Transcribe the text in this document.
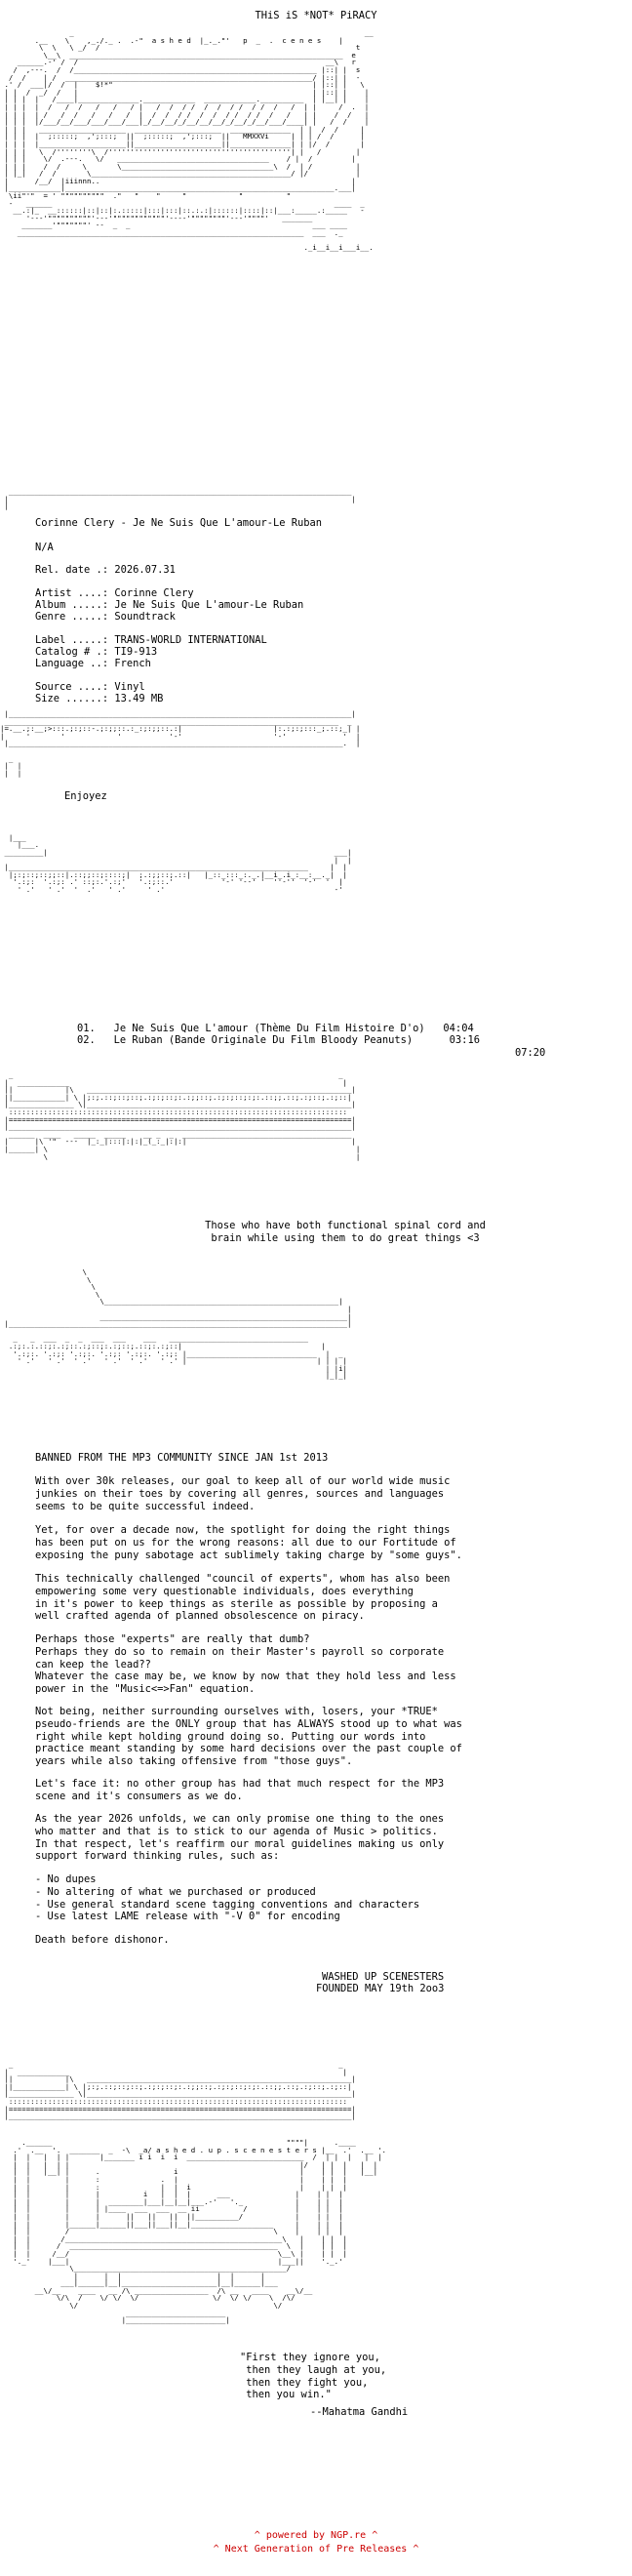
THiS iS *NOT* PiRACY
_                                                                   __
.__    \    ,_./._ .  .-"  a s h e d  |_._."'   p  _  .  c e n e s    |
\  \   \ _/  /                                                           t
\__\  _______________________________________________________________  e
______.-' /  /                                                         __\   r
/  ,---.  /  /________________________________________________________ |::| |  s
/  /    | /  _________________________________________________________/ |::| |  -
.' /  ___|/  /  |    $!*"                                              | |::| |   \
| |  /  _/  /   |                                                      | |::| |    |
| | |  |   /____|______________.____________  ____________.__________  | |__| |    |
| | |  |  /   /  /   /   /   / |   /  /  / /  /  /  / /  / /  /   /  | |     /  .  |
| | |  | /   /  /   /   /   /  |  /  /  / /  /  /  / /  / /  /   /   | |    /  /   |
| | |  |/___/__/___/___/___/___|_/__/__/_/__/__/__/_/__/_/__/___/____| |   /  /    |
| | |   ____________________  ____________________  ______________  | |  /  /     |
| | |  |  ;:::::;  ,';:::;  ||  ;:::::;  ,';:::;  ||   MMXXVi     | | | /  /      |
| | |  |____________________||____________________||______________| | |/  /       |
| | |   \  /''''''''\  /''''''''''''''''''''''''''''''''''''''''''| |   /        |
| | |    \/  .---.   \/   ___________________________________    / |  /         |
| | |    /  /     \       \___________________________________\  /  | /          |
| |_|   /  /       \______________________________________________/ |/           |
|      /__/  |iiinnn..                                                          |
|____________|______________________________________________________________.___|
\ii"'"  = ' """"""""""  ."   "    "     "            "          "
-   ______                                                                 ____  _
__.:|_  __::::::|::|::|:.:::::|:::|:::|::.:.:|::::::|::::|::|___:_____.:_____   -
'---'""""""""""'---'""""""""""""'----'""""""""'---'""""'   _______
_______'"""""""' --  _  _                                          ___ ____
__________________________________________________________________  ___  ._

._i__i__i___i__.

_______________________________________________________________________________
|                                                                               |
|

Corinne Clery - Je Ne Suis Que L'amour-Le Ruban

N/A

Rel. date .: 2026.07.31

Artist ....: Corinne Clery

Album .....: Je Ne Suis Que L'amour-Le Ruban

Genre .....: Soundtrack

Label .....: TRANS-WORLD INTERNATIONAL

Catalog # .: TI9-913

Language ..: French

Source ....: Vinyl

Size ......: 13.49 MB

|_______________________________________________________________________________|
_____________________________________________________________________________  _
|=.__.;:__;>:::.;:;::-.;:;;::.:_:;:;;::.:|                     |:.:;:;:::_;.::;_| |
|     '       '            '           '-'                     '-'             '  |
|_____________________________________________________________________________.  |

_
|  |
|  |

Enjoyez

|___
|___.
_________|                                                                  ___|
|  |
|_____________________________________________________________________     |  |
|;:;::;::;;::|.::;;::;::::;|  ;.:;;::;.::|   |_::_:::_:._.|__i_.i_:__:__._|  |
'.:;:  '.:;: .' ::;:.'.:;'   '.:;::.'           '-' '--' '  ''-''  '-'  '  |
' .'   ' .'  '  .'   ' .'     ' .'                                       -'

01. Je Ne Suis Que L'amour (Thème Du Film Histoire D'o) 04:04

02. Le Ruban (Bande Originale Du Film Bloody Peanuts)	03:16

07:20

_                                                                           _
|  ____________                                                               |
||            |\   _____________________________________________________________|
||____________| \ |;:;.::;::;::;.:;:;::;:.:;;::;.:;:;::;:;:.::;;.::;.:;::;.:;::|
|_______________ \|_____________________________________________________________|
::::::::::::::::::::::::::::::::::::::::::::::::::::::::::::::::::::::::::::::
|===============================================================================|
|_______________________________________________________________________________|
______  ____   _____  _____    __ _  _  _______________________________________
|      |\ '"  ---  |_:_|:::|:|:|_(_:_|:|:|                                      |
|______| \                                                                       |
\                                                                       |

Those who have both functional spinal cord and
brain while using them to do great things <3

\
\
\
\
\______________________________________________________|
|
_________________________________________________________|
|______________________________________________________________________________|

_   _  ___  _  _  ___  ___    ___   ________________________________
.:;:.:.::;:.:;::.:;::;:.:;::;.::;:.:;::|                                |
'.:;:. '.:;: '.:;:. '.:;: '.:;:. '.:;: |______________________________  |  _
' .'   ' .'  ' .'   ' .'  ' .'   ' .' |                              | | | |
| |i|
|_|_|

BANNED FROM THE MP3 COMMUNITY SINCE JAN 1st 2013

With over 30k releases, our goal to keep all of our world wide music
junkies on their toes by covering all genres, sources and languages
seems to be quite successful indeed.

Yet, for over a decade now, the spotlight for doing the right things
has been put on us for the wrong reasons: all due to our Fortitude of
exposing the puny sabotage act sublimely taking charge by "some guys".

This technically challenged "council of experts", whom has also been
empowering some very questionable individuals, does everything
in it's power to keep things as sterile as possible by proposing a
well crafted agenda of planned obsolescence on piracy.

Perhaps those "experts" are really that dumb?
Perhaps they do so to remain on their Master's payroll so corporate
can keep the lead??
Whatever the case may be, we know by now that they hold less and less
power in the "Music<=>Fan" equation.

Not being, neither surrounding ourselves with, losers, your *TRUE*
pseudo-friends are the ONLY group that has ALWAYS stood up to what was
right while kept holding ground doing so. Putting our words into
practice meant standing by some hard decisions over the past couple of
years while also taking offensive from "those guys".

Let's face it: no other group has had that much respect for the MP3
scene and it's consumers as we do.

As the year 2026 unfolds, we can only promise one thing to the ones
who matter and that is to stick to our agenda of Music > politics.
In that respect, let's reaffirm our moral guidelines making us only
support forward thinking rules, such as:

- No dupes
- No altering of what we purchased or produced
- Use general standard scene tagging conventions and characters
- Use latest LAME release with "-V 0" for encoding

Death before dishonor.

WASHED UP SCENESTERS

FOUNDED MAY 19th 2oo3

_                                                                           _
|  ____________                                                               |
||            |\   _____________________________________________________________|
||____________| \ |;:;.::;::;::;.:;:;::;:.:;;::;.:;:;::;:;:.::;;.::;.:;::;.:;::|
|_______________ \|_____________________________________________________________|
::::::::::::::::::::::::::::::::::::::::::::::::::::::::::::::::::::::::::::::
|===============================================================================|
|_______________________________________________________________________________|

.______                                                      """"|      .____
.'  .__  '.  _______  _  -\  _a/ a s h e d . u p . s c e n e s t e r s |__  .'  .__ '.
|  |   |  | |       |_______ i i  i  i  ___________________________  /  | |  |   |  |
|  |   |  | |                                                     |/   | |  |   |  |
|  |   |__| |      .                 i                            |    | |  |   |__|
|  |        |      :              .  |                            |    | |  |
|  |        |      :              |  |  i                         |    | |  |
|  |        |      |          i   |  |  |      ___               |    | |  |
|  |        |      |  ________|___|__|__|___.-'   '._            |    | |  |
|  |        |      | |____  ___  ___  __ ii          /           |    | |  |
|  |        |      |      ||   ||   ||  ||__________/            |    | |  |
|  |        |______|______||___||___||__|___________________     |    | |  |
|  |        /                                               \    |    | |  |
|  |       /__________________________________________________\   |    | |  |
|  |      /  ________________________________________________  \  |    | |  |
|  |     /__/                                                \__\ |    | |  |
'._'    |___|                                                |___||    '._.'
\_________________________________________________/
|      |  |                      |  |      |
___|______|__|______________________|__|______|___
__\/__    ____   __ /\ _________________  /\ __   ____    __\/__
\/\  /    \/ \/  \/                 \/  \/ \/    \  /\/
\/                                             \/
_______________________
|_______________________|

"First they ignore you,
then they laugh at you,
then they fight you,
then you win."
--Mahatma Gandhi
^ powered by NGP.re ^
^ Next Generation of Pre Releases ^
